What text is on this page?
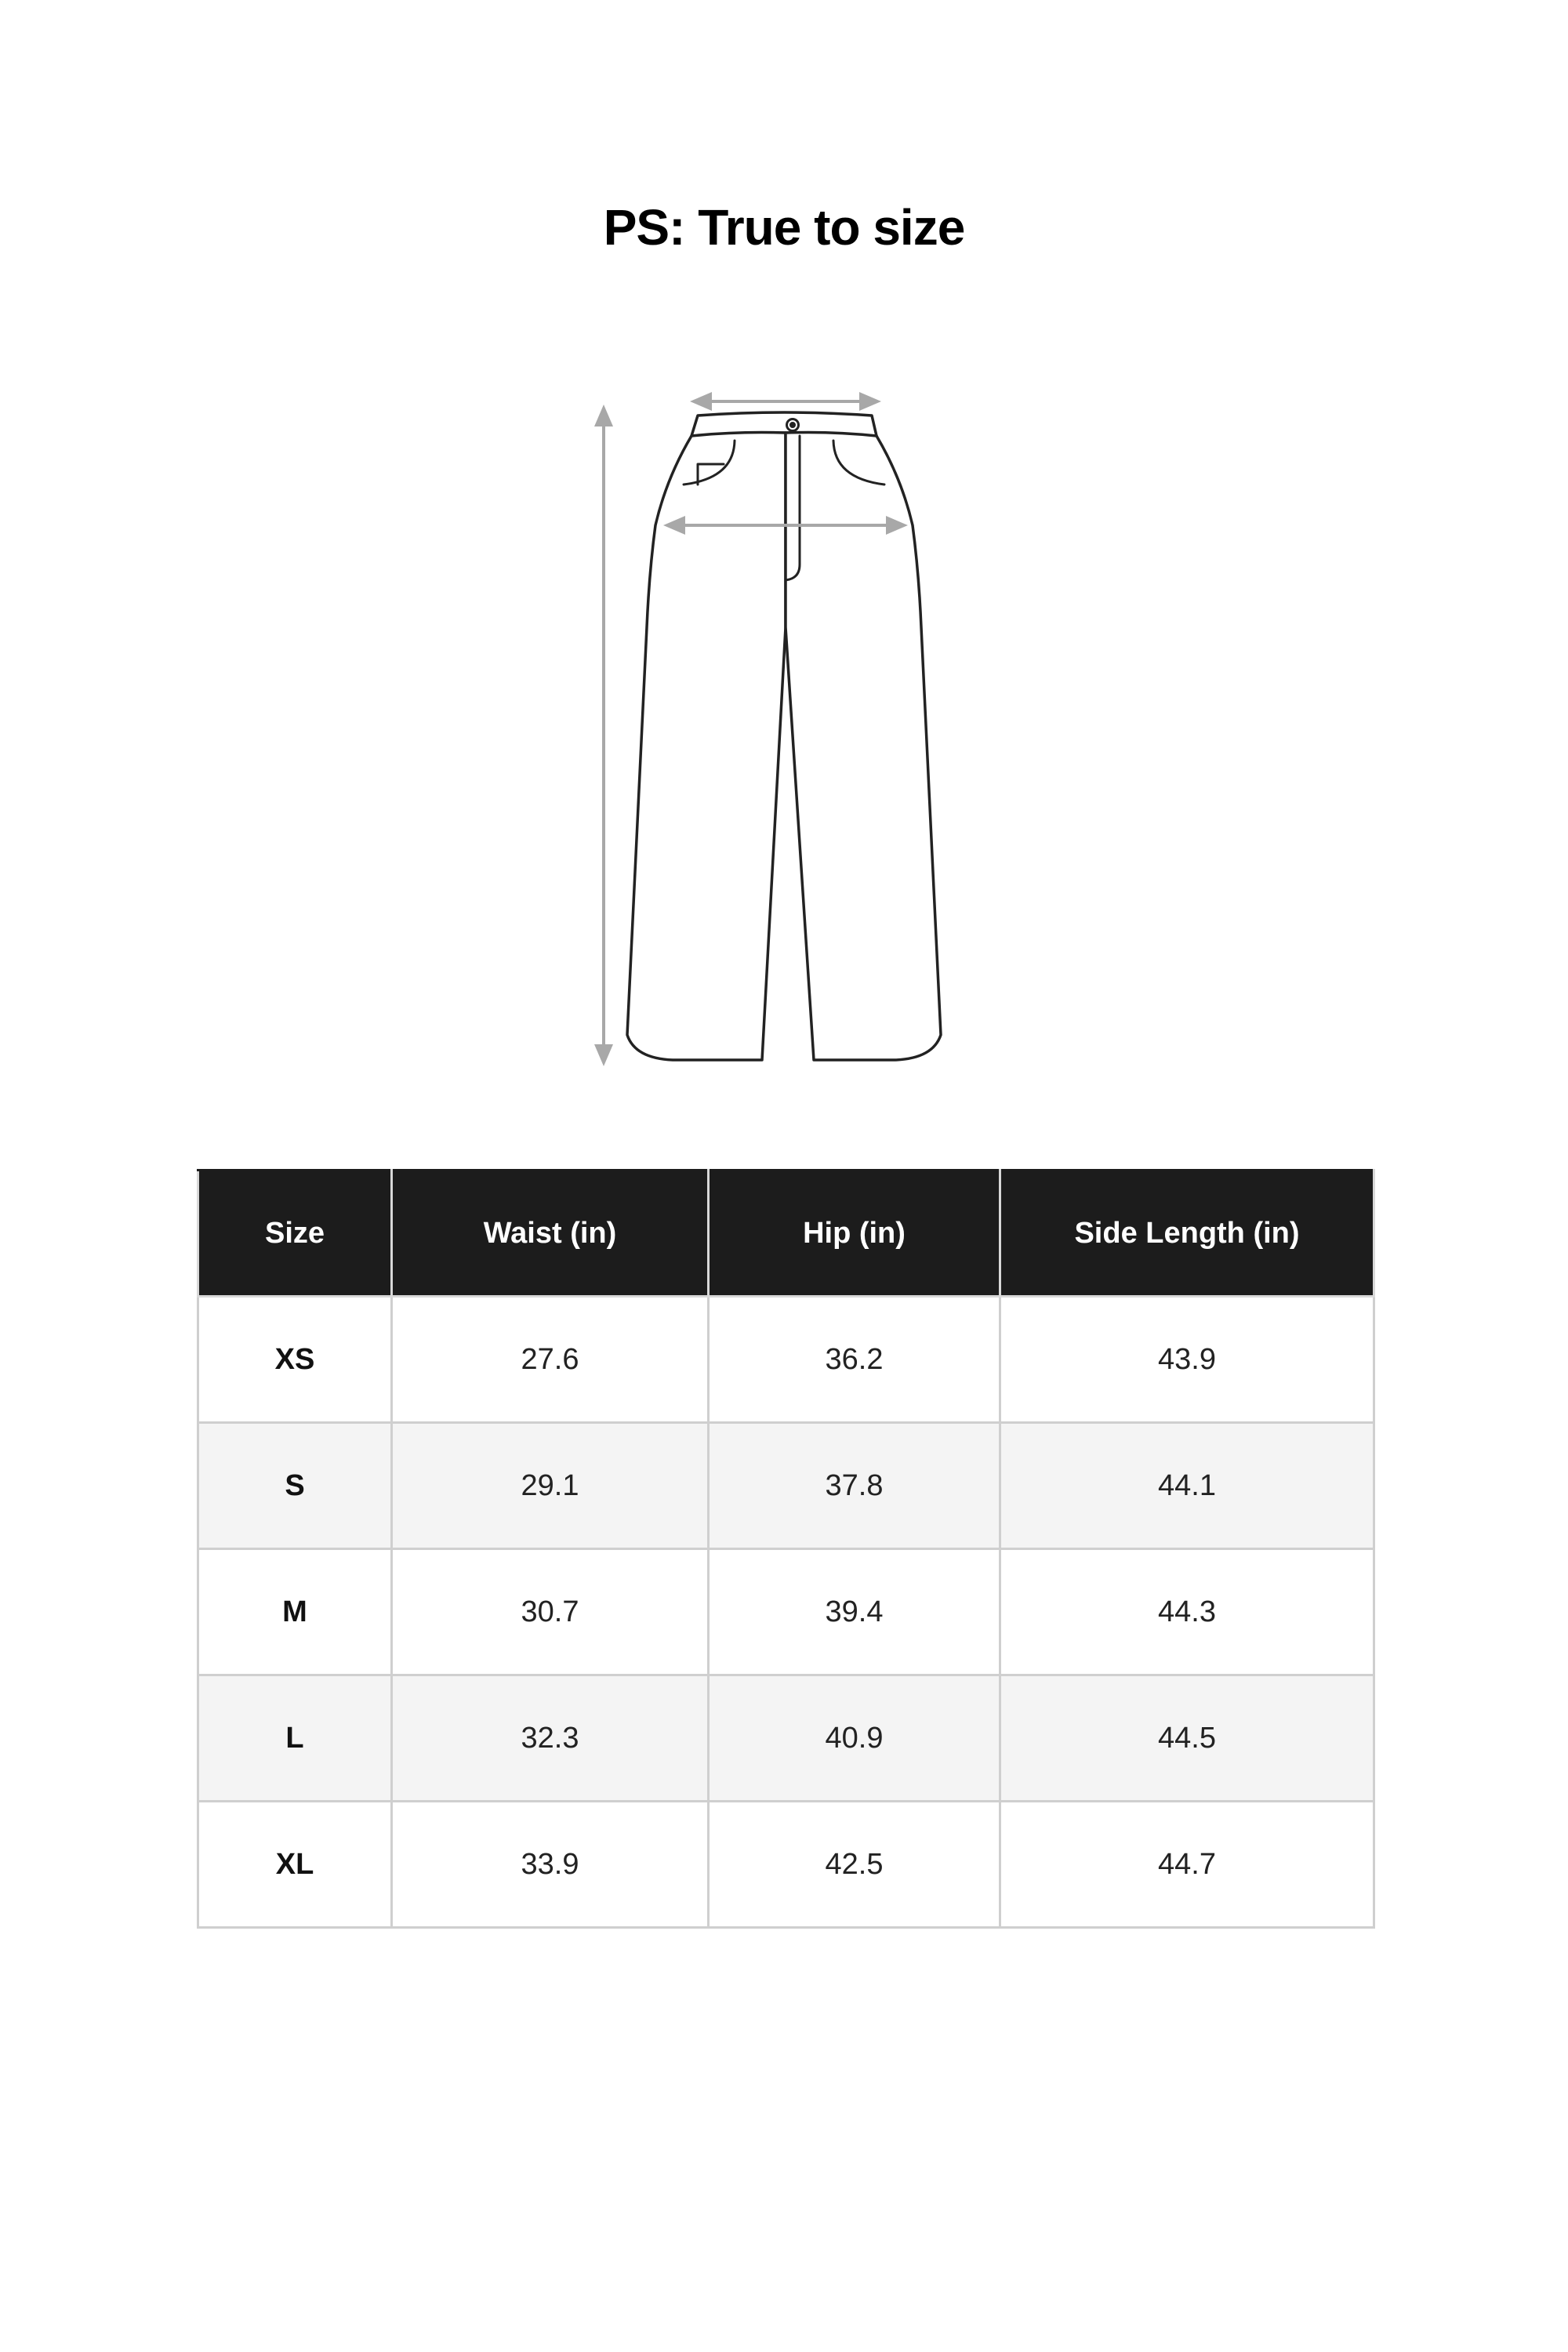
PS: True to size
Size	Waist (in)	Hip (in)	Side Length (in)
XS	27.6	36.2	43.9
S	29.1	37.8	44.1
M	30.7	39.4	44.3
L	32.3	40.9	44.5
XL	33.9	42.5	44.7
